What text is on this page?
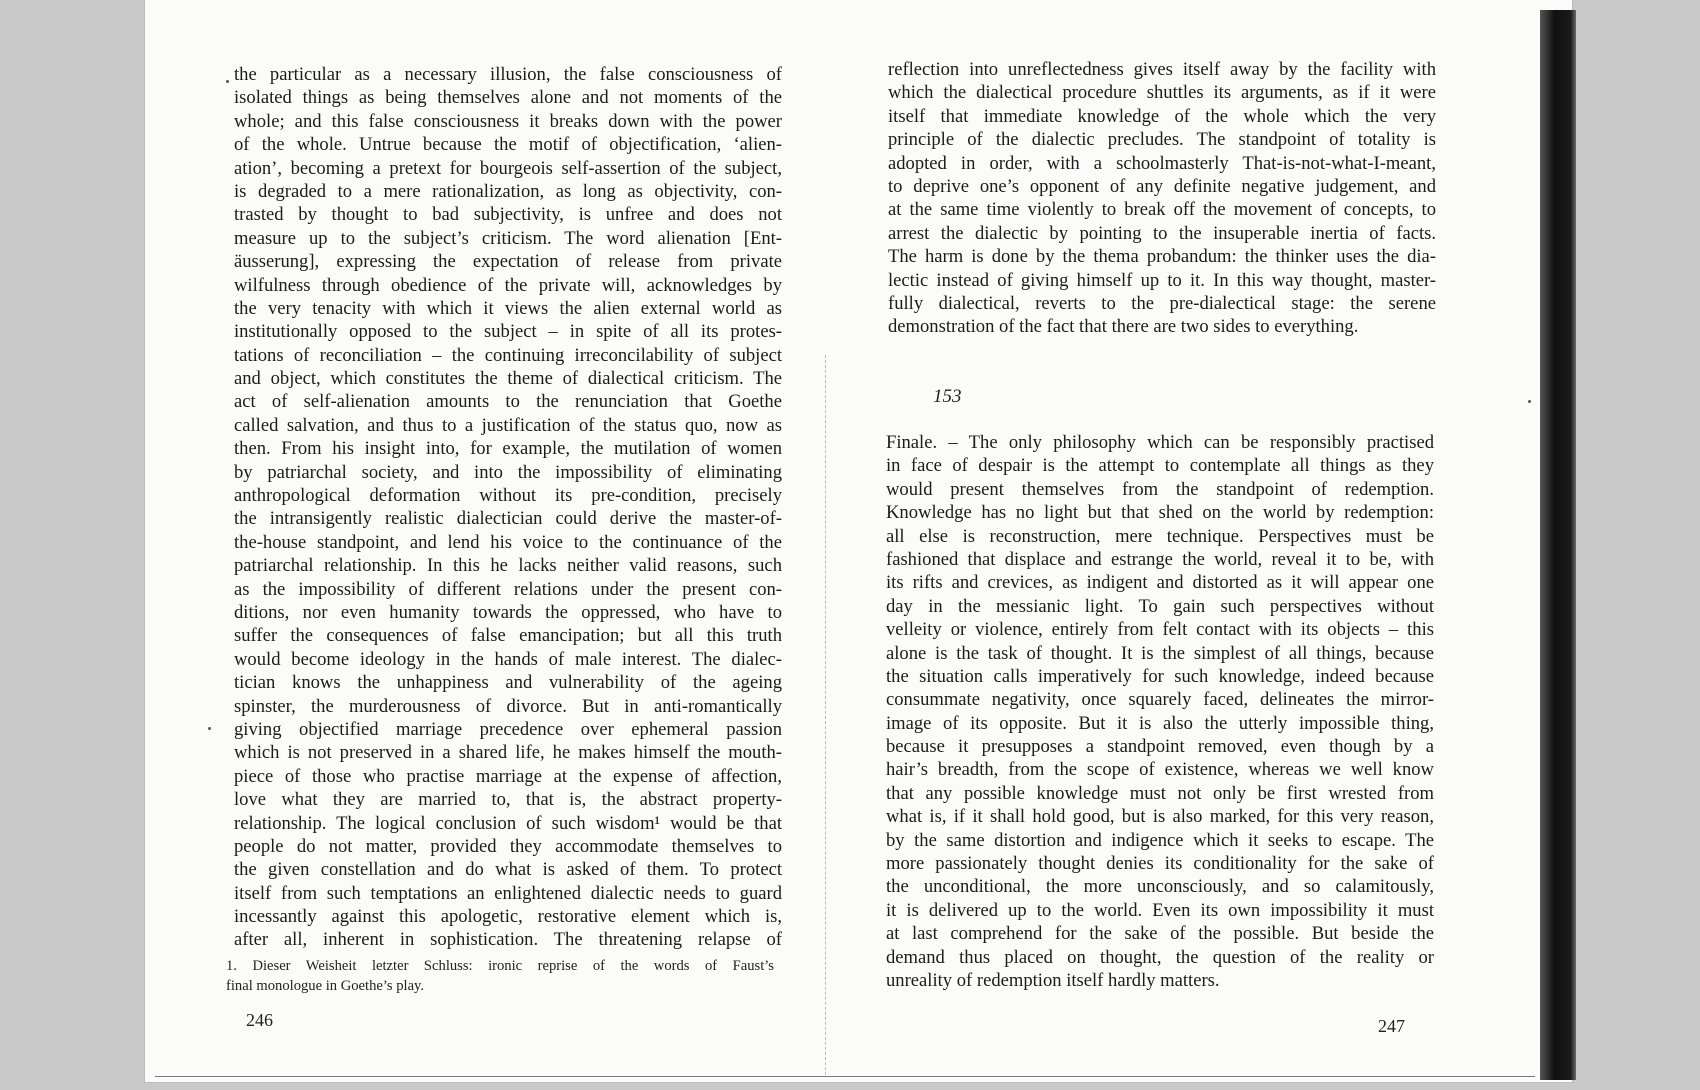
the particular as a necessary illusion, the false consciousness of
isolated things as being themselves alone and not moments of the
whole; and this false consciousness it breaks down with the power
of the whole. Untrue because the motif of objectification, ‘alien-
ation’, becoming a pretext for bourgeois self-assertion of the subject,
is degraded to a mere rationalization, as long as objectivity, con-
trasted by thought to bad subjectivity, is unfree and does not
measure up to the subject’s criticism. The word alienation [Ent-
äusserung], expressing the expectation of release from private
wilfulness through obedience of the private will, acknowledges by
the very tenacity with which it views the alien external world as
institutionally opposed to the subject – in spite of all its protes-
tations of reconciliation – the continuing irreconcilability of subject
and object, which constitutes the theme of dialectical criticism. The
act of self-alienation amounts to the renunciation that Goethe
called salvation, and thus to a justification of the status quo, now as
then. From his insight into, for example, the mutilation of women
by patriarchal society, and into the impossibility of eliminating
anthropological deformation without its pre-condition, precisely
the intransigently realistic dialectician could derive the master-of-
the-house standpoint, and lend his voice to the continuance of the
patriarchal relationship. In this he lacks neither valid reasons, such
as the impossibility of different relations under the present con-
ditions, nor even humanity towards the oppressed, who have to
suffer the consequences of false emancipation; but all this truth
would become ideology in the hands of male interest. The dialec-
tician knows the unhappiness and vulnerability of the ageing
spinster, the murderousness of divorce. But in anti-romantically
giving objectified marriage precedence over ephemeral passion
which is not preserved in a shared life, he makes himself the mouth-
piece of those who practise marriage at the expense of affection,
love what they are married to, that is, the abstract property-
relationship. The logical conclusion of such wisdom¹ would be that
people do not matter, provided they accommodate themselves to
the given constellation and do what is asked of them. To protect
itself from such temptations an enlightened dialectic needs to guard
incessantly against this apologetic, restorative element which is,
after all, inherent in sophistication. The threatening relapse of
reflection into unreflectedness gives itself away by the facility with
which the dialectical procedure shuttles its arguments, as if it were
itself that immediate knowledge of the whole which the very
principle of the dialectic precludes. The standpoint of totality is
adopted in order, with a schoolmasterly That-is-not-what-I-meant,
to deprive one’s opponent of any definite negative judgement, and
at the same time violently to break off the movement of concepts, to
arrest the dialectic by pointing to the insuperable inertia of facts.
The harm is done by the thema probandum: the thinker uses the dia-
lectic instead of giving himself up to it. In this way thought, master-
fully dialectical, reverts to the pre-dialectical stage: the serene
demonstration of the fact that there are two sides to everything.
153
Finale. – The only philosophy which can be responsibly practised
in face of despair is the attempt to contemplate all things as they
would present themselves from the standpoint of redemption.
Knowledge has no light but that shed on the world by redemption:
all else is reconstruction, mere technique. Perspectives must be
fashioned that displace and estrange the world, reveal it to be, with
its rifts and crevices, as indigent and distorted as it will appear one
day in the messianic light. To gain such perspectives without
velleity or violence, entirely from felt contact with its objects – this
alone is the task of thought. It is the simplest of all things, because
the situation calls imperatively for such knowledge, indeed because
consummate negativity, once squarely faced, delineates the mirror-
image of its opposite. But it is also the utterly impossible thing,
because it presupposes a standpoint removed, even though by a
hair’s breadth, from the scope of existence, whereas we well know
that any possible knowledge must not only be first wrested from
what is, if it shall hold good, but is also marked, for this very reason,
by the same distortion and indigence which it seeks to escape. The
more passionately thought denies its conditionality for the sake of
the unconditional, the more unconsciously, and so calamitously,
it is delivered up to the world. Even its own impossibility it must
at last comprehend for the sake of the possible. But beside the
demand thus placed on thought, the question of the reality or
unreality of redemption itself hardly matters.
1. Dieser Weisheit letzter Schluss: ironic reprise of the words of Faust’s
final monologue in Goethe’s play.
246	247
